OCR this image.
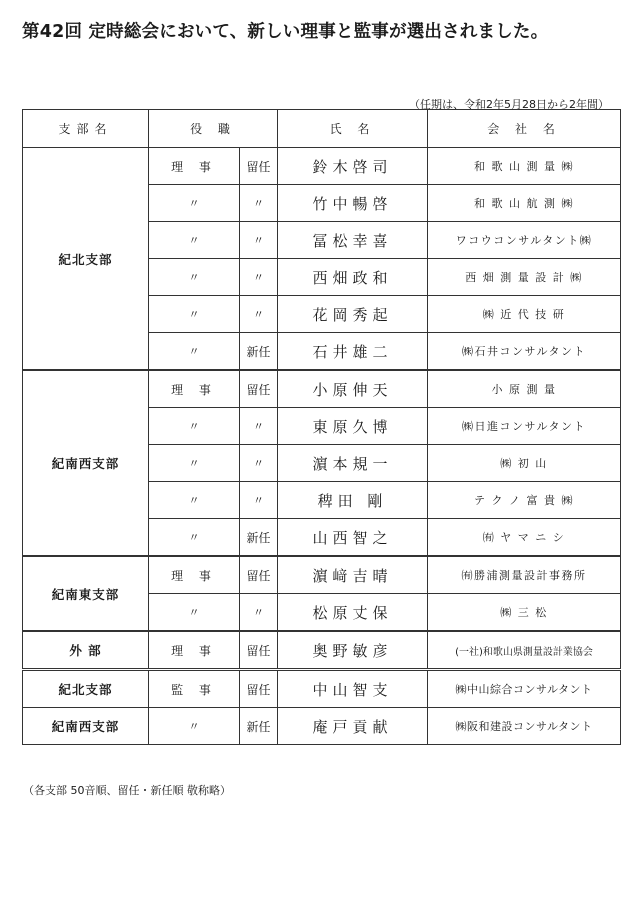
第42回 定時総会において、新しい理事と監事が選出されました。
（任期は、令和2年5月28日から2年間）
支部名	役 職		氏 名	会 社 名
紀北支部	理 事	留任	鈴木啓司	和 歌 山 測 量 ㈱
	〃	〃	竹中暢啓	和 歌 山 航 測 ㈱
	〃	〃	冨松幸喜	ワコウコンサルタント㈱
	〃	〃	西畑政和	西 畑 測 量 設 計 ㈱
	〃	〃	花岡秀起	㈱ 近 代 技 研
	〃	新任	石井雄二	㈱石井コンサルタント
紀南西支部	理 事	留任	小原伸天	小 原 測 量
	〃	〃	東原久博	㈱日進コンサルタント
	〃	〃	濵本規一	㈱ 初 山
	〃	〃	稗田 剛	テ ク ノ 富 貴 ㈱
	〃	新任	山西智之	㈲ ヤ マ ニ シ
紀南東支部	理 事	留任	濵﨑吉晴	㈲勝浦測量設計事務所
	〃	〃	松原丈保	㈱ 三 松
外 部	理 事	留任	奥野敏彦	(一社)和歌山県測量設計業協会
紀北支部	監 事	留任	中山智支	㈱中山綜合コンサルタント
紀南西支部	〃	新任	庵戸貢献	㈱阪和建設コンサルタント
（各支部 50音順、留任・新任順 敬称略）
